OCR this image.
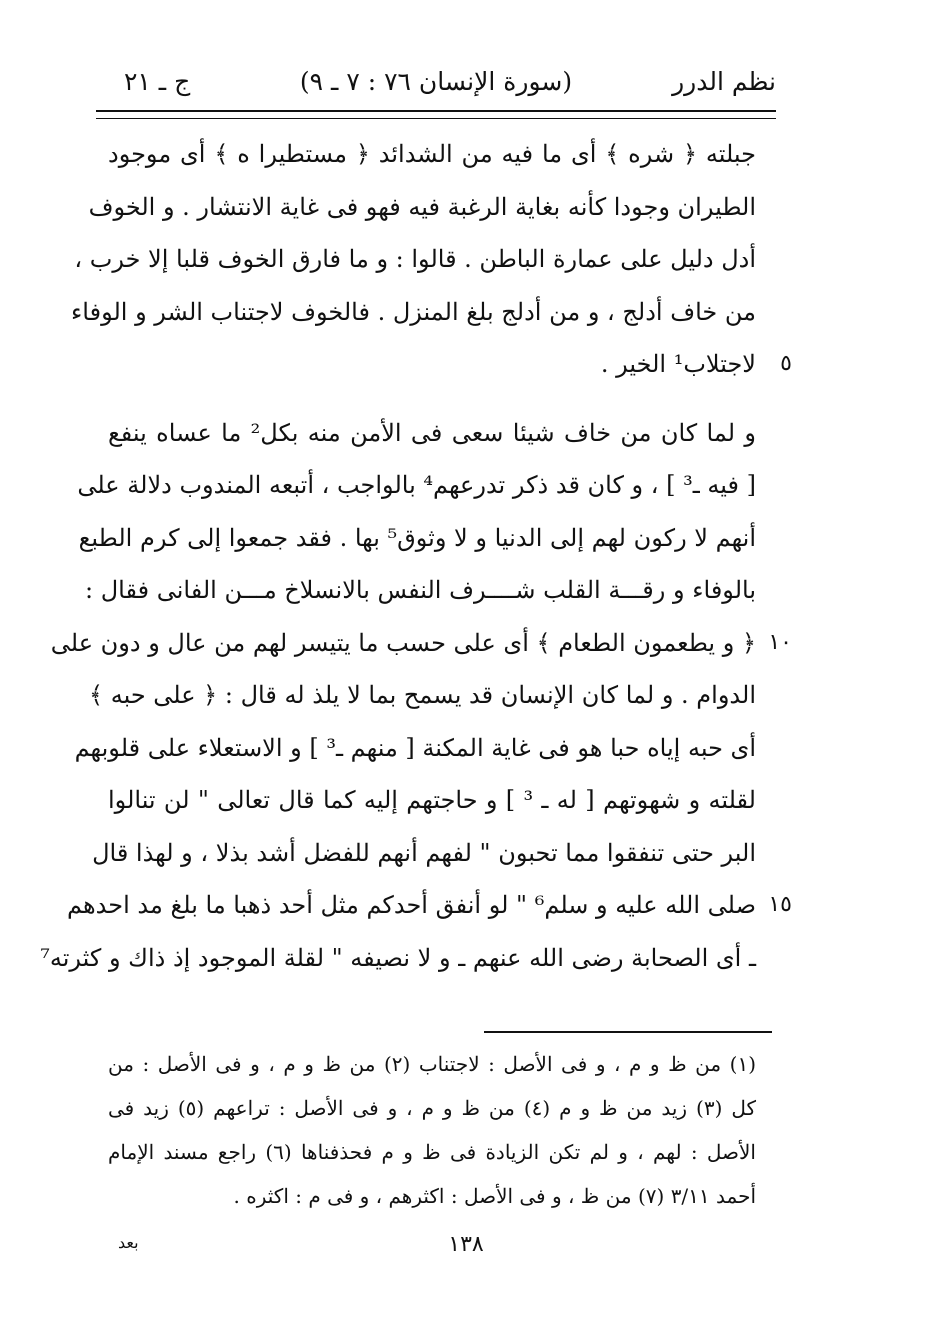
نظم الدرر
(سورة الإنسان ٧٦ : ٧ ـ ٩)
ج ـ ٢١
جبلته ﴿ شره ﴾ أى ما فيه من الشدائد ﴿ مستطيرا ه ﴾ أى موجود
الطيران وجودا كأنه بغاية الرغبة فيه فهو فى غاية الانتشار . و الخوف
أدل دليل على عمارة الباطن . قالوا : و ما فارق الخوف قلبا إلا خرب ،
من خاف أدلج ، و من أدلج بلغ المنزل . فالخوف لاجتناب الشر و الوفاء
٥
لاجتلاب¹ الخير .
و لما كان من خاف شيئا سعى فى الأمن منه بكل² ما عساه ينفع
[ فيه ـ³ ] ، و كان قد ذكر تدرعهم⁴ بالواجب ، أتبعه المندوب دلالة على
أنهم لا ركون لهم إلى الدنيا و لا وثوق⁵ بها . فقد جمعوا إلى كرم الطبع
بالوفاء و رقـــة القلب شــــرف النفس بالانسلاخ مـــن الفانى فقال :
١٠
﴿ و يطعمون الطعام ﴾ أى على حسب ما يتيسر لهم من عال و دون على
الدوام . و لما كان الإنسان قد يسمح بما لا يلذ له قال : ﴿ على حبه ﴾
أى حبه إياه حبا هو فى غاية المكنة [ منهم ـ³ ] و الاستعلاء على قلوبهم
لقلته و شهوتهم [ له ـ ³ ] و حاجتهم إليه كما قال تعالى " لن تنالوا
البر حتى تنفقوا مما تحبون " لفهم أنهم للفضل أشد بذلا ، و لهذا قال
١٥
صلى الله عليه و سلم⁶ " لو أنفق أحدكم مثل أحد ذهبا ما بلغ مد احدهم
ـ أى الصحابة رضى الله عنهم ـ و لا نصيفه " لقلة الموجود إذ ذاك و كثرته⁷
(١) من ظ و م ، و فى الأصل : لاجتناب (٢) من ظ و م ، و فى الأصل : من
كل (٣) زيد من ظ و م (٤) من ظ و م ، و فى الأصل : تراعهم (٥) زيد فى
الأصل : لهم ، و لم تكن الزيادة فى ظ و م فحذفناها (٦) راجع مسند الإمام
أحمد ٣/١١ (٧) من ظ ، و فى الأصل : اكثرهم ، و فى م : اكثره .
بعد	١٣٨
